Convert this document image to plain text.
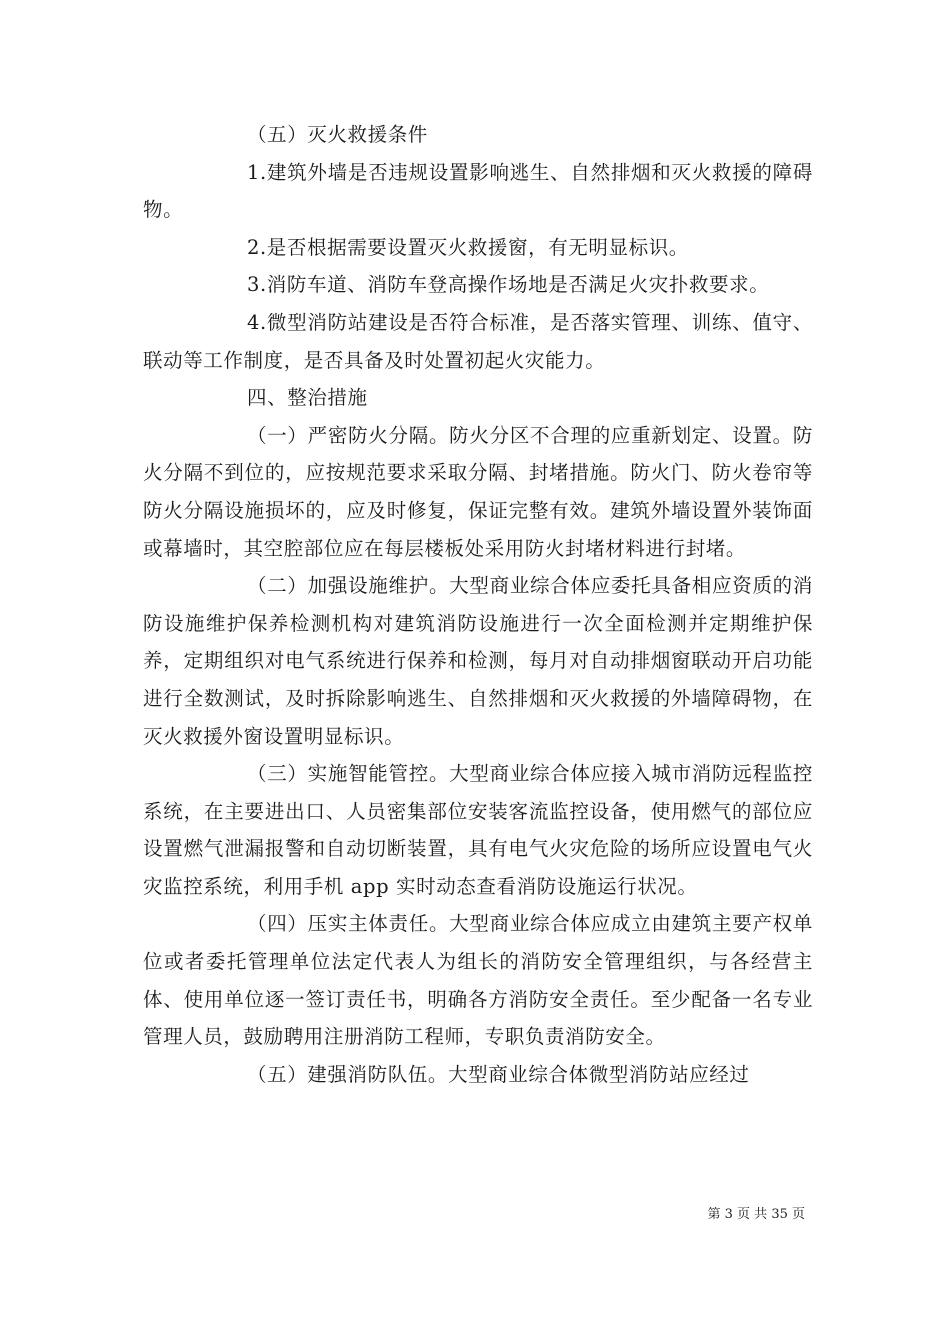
（五）灭火救援条件

1.建筑外墙是否违规设置影响逃生、自然排烟和灭火救援的障碍物。

2.是否根据需要设置灭火救援窗，有无明显标识。

3.消防车道、消防车登高操作场地是否满足火灾扑救要求。

4.微型消防站建设是否符合标准，是否落实管理、训练、值守、联动等工作制度，是否具备及时处置初起火灾能力。

四、整治措施

（一）严密防火分隔。防火分区不合理的应重新划定、设置。防火分隔不到位的，应按规范要求采取分隔、封堵措施。防火门、防火卷帘等防火分隔设施损坏的，应及时修复，保证完整有效。建筑外墙设置外装饰面或幕墙时，其空腔部位应在每层楼板处采用防火封堵材料进行封堵。

（二）加强设施维护。大型商业综合体应委托具备相应资质的消防设施维护保养检测机构对建筑消防设施进行一次全面检测并定期维护保养，定期组织对电气系统进行保养和检测，每月对自动排烟窗联动开启功能进行全数测试，及时拆除影响逃生、自然排烟和灭火救援的外墙障碍物，在灭火救援外窗设置明显标识。

（三）实施智能管控。大型商业综合体应接入城市消防远程监控系统，在主要进出口、人员密集部位安装客流监控设备，使用燃气的部位应设置燃气泄漏报警和自动切断装置，具有电气火灾危险的场所应设置电气火灾监控系统，利用手机 app 实时动态查看消防设施运行状况。

（四）压实主体责任。大型商业综合体应成立由建筑主要产权单位或者委托管理单位法定代表人为组长的消防安全管理组织，与各经营主体、使用单位逐一签订责任书，明确各方消防安全责任。至少配备一名专业管理人员，鼓励聘用注册消防工程师，专职负责消防安全。

（五）建强消防队伍。大型商业综合体微型消防站应经过

第 3 页 共 35 页
